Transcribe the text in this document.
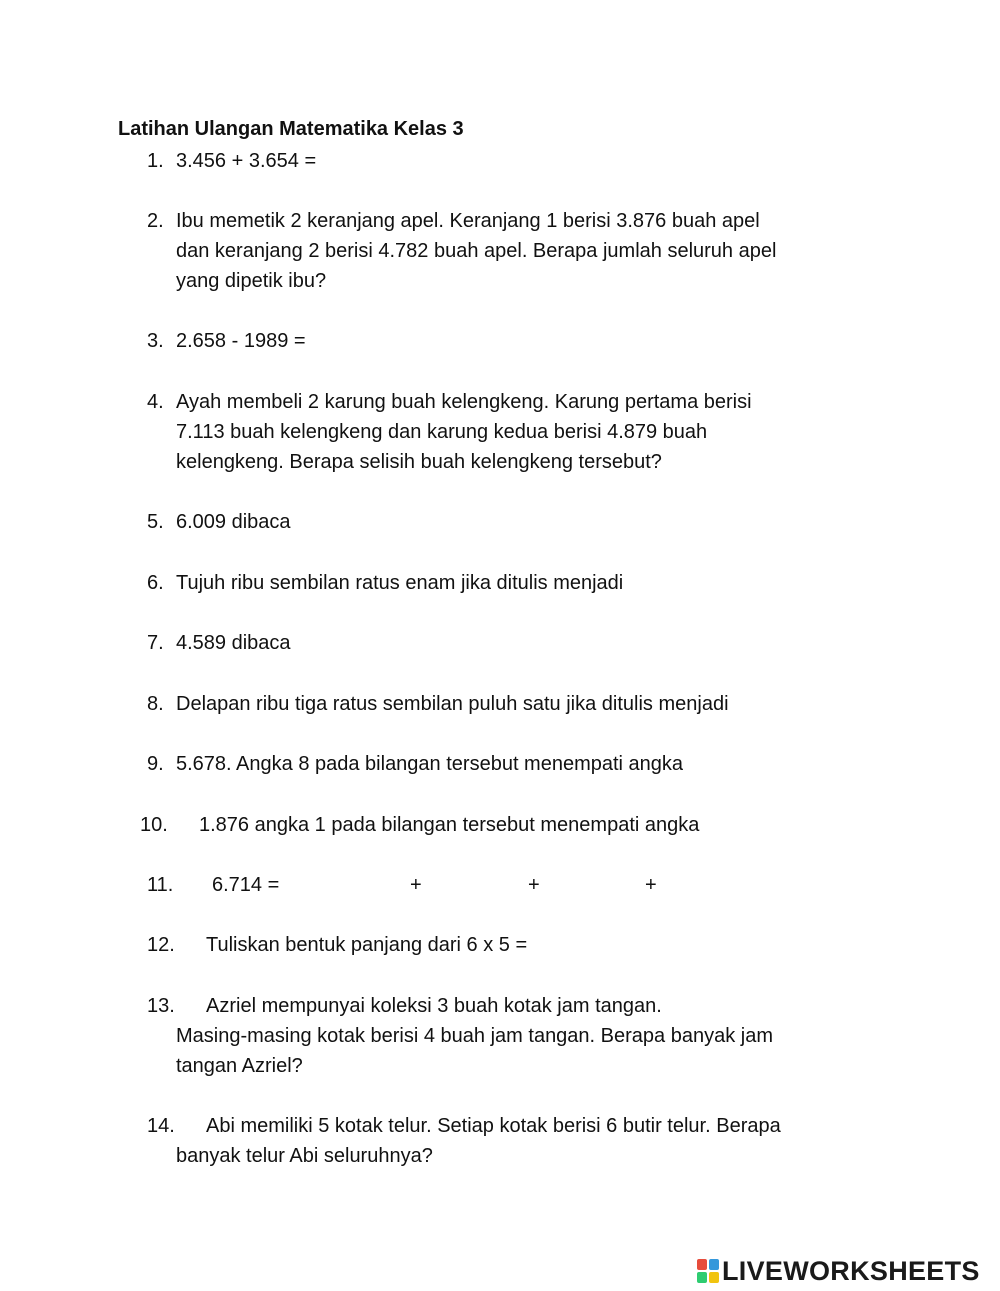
Latihan Ulangan Matematika Kelas 3
1. 3.456 + 3.654 =
2. Ibu memetik 2 keranjang apel. Keranjang 1 berisi 3.876 buah apel
dan keranjang 2 berisi 4.782 buah apel. Berapa jumlah seluruh apel
yang dipetik ibu?
3. 2.658 - 1989 =
4. Ayah membeli 2 karung buah kelengkeng. Karung pertama berisi
7.113 buah kelengkeng dan karung kedua berisi 4.879 buah
kelengkeng. Berapa selisih buah kelengkeng tersebut?
5. 6.009 dibaca
6. Tujuh ribu sembilan ratus enam jika ditulis menjadi
7. 4.589 dibaca
8. Delapan ribu tiga ratus sembilan puluh satu jika ditulis menjadi
9. 5.678. Angka 8 pada bilangan tersebut menempati angka
10. 1.876 angka 1 pada bilangan tersebut menempati angka
11. 6.714 =	+	+	+
12. Tuliskan bentuk panjang dari 6 x 5 =
13. Azriel mempunyai koleksi 3 buah kotak jam tangan.
Masing-masing kotak berisi 4 buah jam tangan. Berapa banyak jam
tangan Azriel?
14. Abi memiliki 5 kotak telur. Setiap kotak berisi 6 butir telur. Berapa
banyak telur Abi seluruhnya?
LIVEWORKSHEETS
